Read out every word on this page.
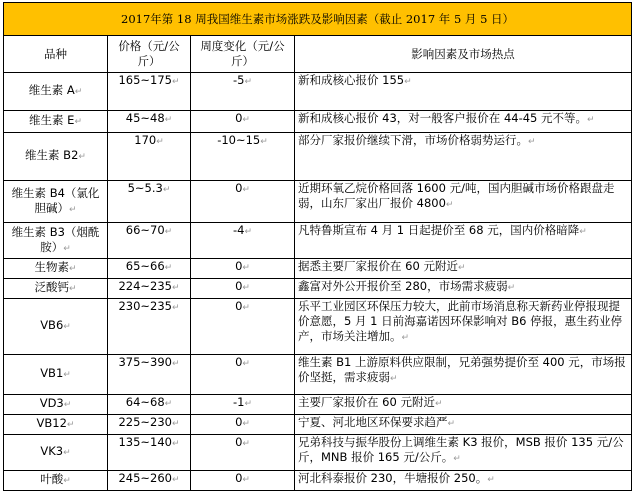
2017年第 18 周我国维生素市场涨跌及影响因素（截止 2017 年 5 月 5 日）			
品种	价格（元/公斤）	周度变化（元/公斤）	影响因素及市场热点
维生素 A↵	165~175↵	-5↵	新和成核心报价 155↵
维生素 E↵	45~48↵	0↵	新和成核心报价 43，对一般客户报价在 44-45 元不等。↵
维生素 B2↵	170↵	-10~15↵	部分厂家报价继续下滑，市场价格弱势运行。↵
维生素 B4（氯化胆碱）↵	5~5.3↵	0↵	近期环氧乙烷价格回落 1600 元/吨，国内胆碱市场价格跟盘走弱，山东厂家出厂报价 4800↵
维生素 B3（烟酰胺）↵	66~70↵	-4↵	凡特鲁斯宣布 4 月 1 日起提价至 68 元，国内价格暗降↵
生物素↵	65~66↵	0↵	据悉主要厂家报价在 60 元附近↵
泛酸钙↵	224~235↵	0↵	鑫富对外公开报价至 280，市场需求疲弱↵
VB6↵	230~235↵	0↵	乐平工业园区环保压力较大，此前市场消息称天新药业停报现提价意愿，5 月 1 日前海嘉诺因环保影响对 B6 停报，惠生药业停产，市场关注增加。↵
VB1↵	375~390↵	0↵	维生素 B1 上游原料供应限制，兄弟强势提价至 400 元，市场报价坚挺，需求疲弱↵
VD3↵	64~68↵	-1↵	主要厂家报价在 60 元附近↵
VB12↵	225~230↵	0↵	宁夏、河北地区环保要求趋严↵
VK3↵	135~140↵	0↵	兄弟科技与振华股份上调维生素 K3 报价，MSB 报价 135 元/公斤，MNB 报价 165 元/公斤。↵
叶酸↵	245~260↵	0↵	河北科泰报价 230，牛塘报价 250。↵
